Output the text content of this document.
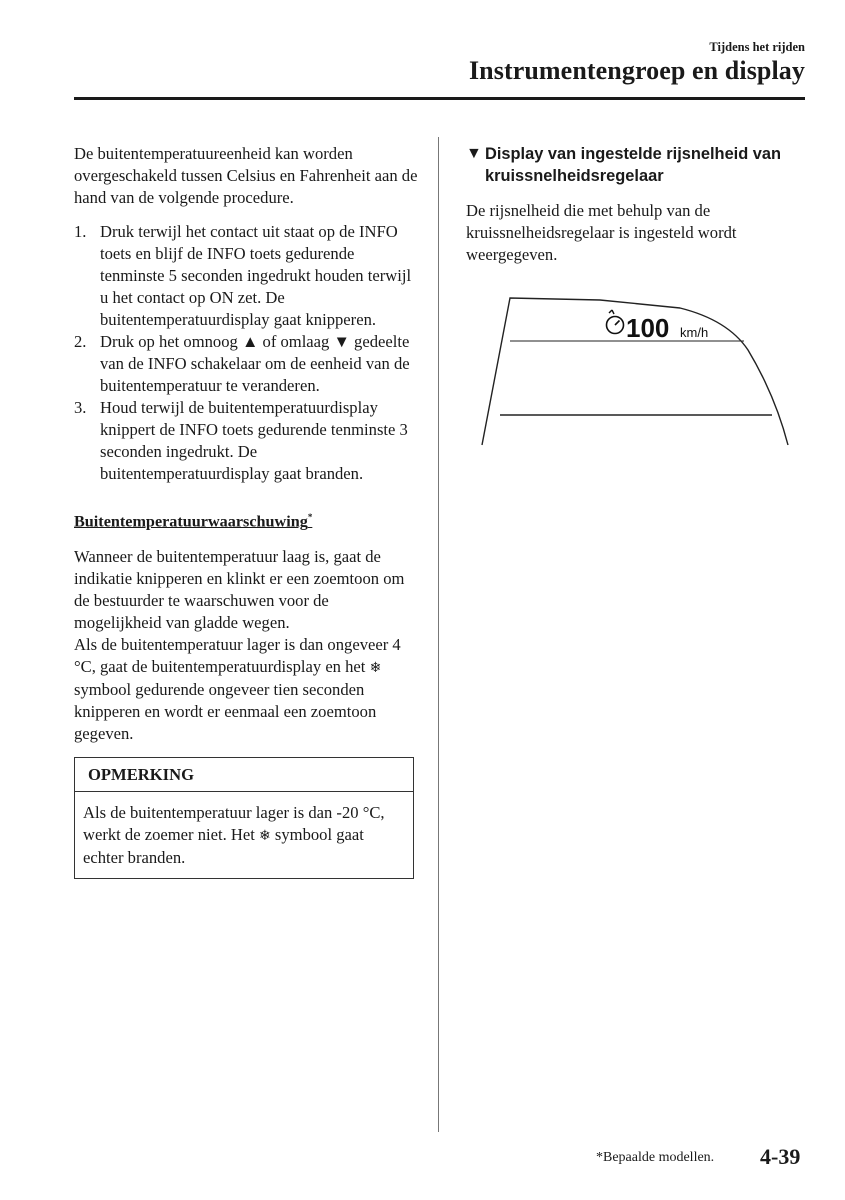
Tijdens het rijden
Instrumentengroep en display

De buitentemperatuureenheid kan worden overgeschakeld tussen Celsius en Fahrenheit aan de hand van de volgende procedure.

1. Druk terwijl het contact uit staat op de INFO toets en blijf de INFO toets gedurende tenminste 5 seconden ingedrukt houden terwijl u het contact op ON zet. De buitentemperatuurdisplay gaat knipperen.
2. Druk op het omnoog ▲ of omlaag ▼ gedeelte van de INFO schakelaar om de eenheid van de buitentemperatuur te veranderen.
3. Houd terwijl de buitentemperatuurdisplay knippert de INFO toets gedurende tenminste 3 seconden ingedrukt. De buitentemperatuurdisplay gaat branden.
Buitentemperatuurwaarschuwing*

Wanneer de buitentemperatuur laag is, gaat de indikatie knipperen en klinkt er een zoemtoon om de bestuurder te waarschuwen voor de mogelijkheid van gladde wegen.

Als de buitentemperatuur lager is dan ongeveer 4 °C, gaat de buitentemperatuurdisplay en het ❄ symbool gedurende ongeveer tien seconden knipperen en wordt er eenmaal een zoemtoon gegeven.

OPMERKING
Als de buitentemperatuur lager is dan -20 °C, werkt de zoemer niet. Het ❄ symbool gaat echter branden.
▼ Display van ingestelde rijsnelheid van kruissnelheidsregelaar

De rijsnelheid die met behulp van de kruissnelheidsregelaar is ingesteld wordt weergegeven.

100 km/h
*Bepaalde modellen. 4-39
